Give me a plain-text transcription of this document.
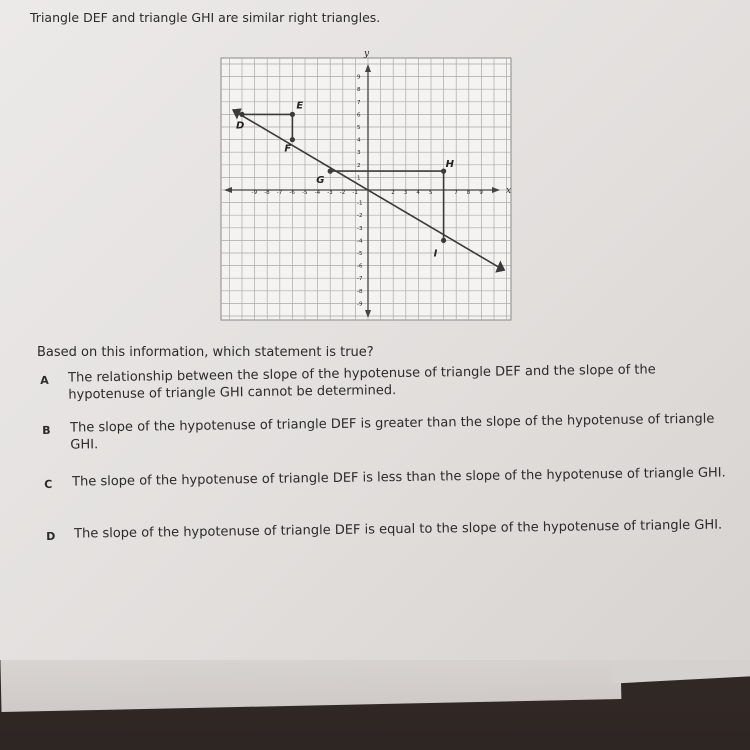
Triangle DEF and triangle GHI are similar right triangles.
x
y
-9 -8 -7 -6 -5 -4 -3 -2 -1	2 3 4 5	7 8 9
9
8
7
6
5
4
3
2
1
-1
-2
-3
-4
-5
-6
-7
-8
-9
D
E
F
G
H
I
Based on this information, which statement is true?
A The relationship between the slope of the hypotenuse of triangle DEF and the slope of the hypotenuse of triangle GHI cannot be determined.
B The slope of the hypotenuse of triangle DEF is greater than the slope of the hypotenuse of triangle GHI.
C The slope of the hypotenuse of triangle DEF is less than the slope of the hypotenuse of triangle GHI.
D The slope of the hypotenuse of triangle DEF is equal to the slope of the hypotenuse of triangle GHI.
